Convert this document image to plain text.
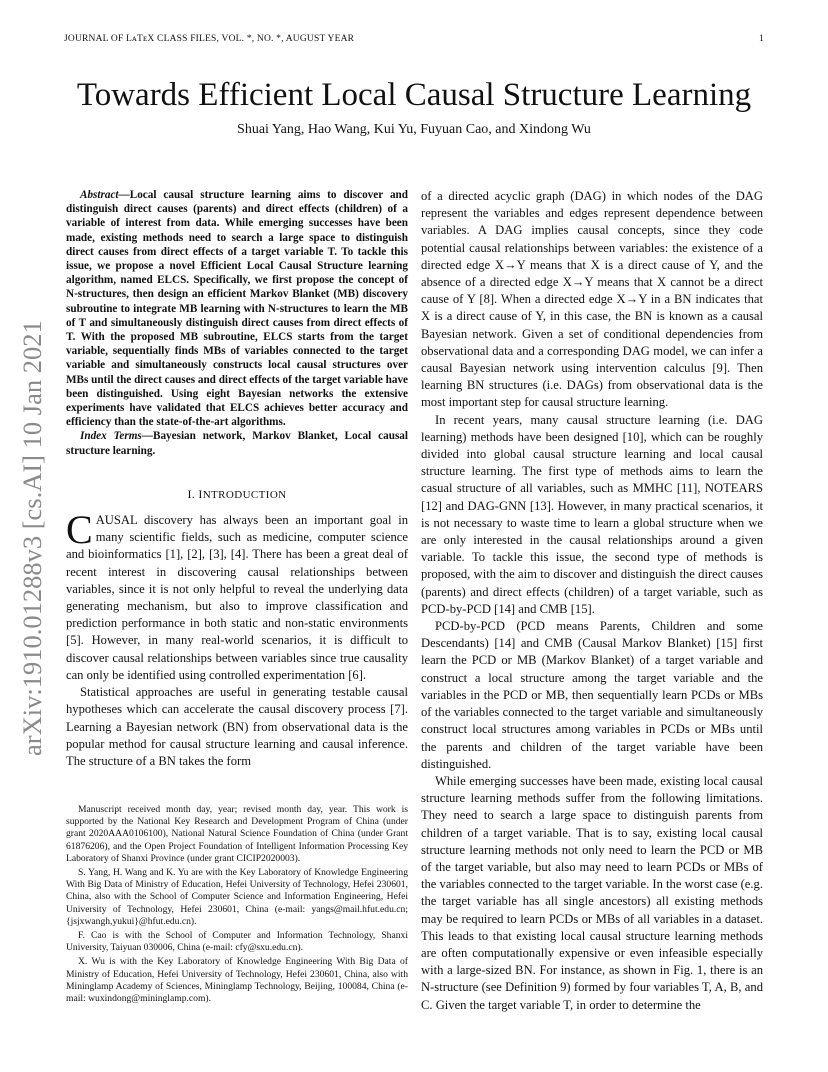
JOURNAL OF LᴀTᴇX CLASS FILES, VOL. *, NO. *, AUGUST YEAR	1
arXiv:1910.01288v3 [cs.AI] 10 Jan 2021
Towards Efficient Local Causal Structure Learning
Shuai Yang, Hao Wang, Kui Yu, Fuyuan Cao, and Xindong Wu

Abstract—Local causal structure learning aims to discover and distinguish direct causes (parents) and direct effects (children) of a variable of interest from data. While emerging successes have been made, existing methods need to search a large space to distinguish direct causes from direct effects of a target variable T. To tackle this issue, we propose a novel Efficient Local Causal Structure learning algorithm, named ELCS. Specifically, we first propose the concept of N-structures, then design an efficient Markov Blanket (MB) discovery subroutine to integrate MB learning with N-structures to learn the MB of T and simultaneously distinguish direct causes from direct effects of T. With the proposed MB subroutine, ELCS starts from the target variable, sequentially finds MBs of variables connected to the target variable and simultaneously constructs local causal structures over MBs until the direct causes and direct effects of the target variable have been distinguished. Using eight Bayesian networks the extensive experiments have validated that ELCS achieves better accuracy and efficiency than the state-of-the-art algorithms.

Index Terms—Bayesian network, Markov Blanket, Local causal structure learning.

I. INTRODUCTION

CAUSAL discovery has always been an important goal in many scientific fields, such as medicine, computer science and bioinformatics [1], [2], [3], [4]. There has been a great deal of recent interest in discovering causal relationships between variables, since it is not only helpful to reveal the underlying data generating mechanism, but also to improve classification and prediction performance in both static and non-static environments [5]. However, in many real-world scenarios, it is difficult to discover causal relationships between variables since true causality can only be identified using controlled experimentation [6].

Statistical approaches are useful in generating testable causal hypotheses which can accelerate the causal discovery process [7]. Learning a Bayesian network (BN) from observational data is the popular method for causal structure learning and causal inference. The structure of a BN takes the form

Manuscript received month day, year; revised month day, year. This work is supported by the National Key Research and Development Program of China (under grant 2020AAA0106100), National Natural Science Foundation of China (under Grant 61876206), and the Open Project Foundation of Intelligent Information Processing Key Laboratory of Shanxi Province (under grant CICIP2020003).

S. Yang, H. Wang and K. Yu are with the Key Laboratory of Knowledge Engineering With Big Data of Ministry of Education, Hefei University of Technology, Hefei 230601, China, also with the School of Computer Science and Information Engineering, Hefei University of Technology, Hefei 230601, China (e-mail: yangs@mail.hfut.edu.cn; {jsjxwangh,yukui}@hfut.edu.cn).

F. Cao is with the School of Computer and Information Technology, Shanxi University, Taiyuan 030006, China (e-mail: cfy@sxu.edu.cn).

X. Wu is with the Key Laboratory of Knowledge Engineering With Big Data of Ministry of Education, Hefei University of Technology, Hefei 230601, China, also with Mininglamp Academy of Sciences, Mininglamp Technology, Beijing, 100084, China (e-mail: wuxindong@mininglamp.com).

of a directed acyclic graph (DAG) in which nodes of the DAG represent the variables and edges represent dependence between variables. A DAG implies causal concepts, since they code potential causal relationships between variables: the existence of a directed edge X→Y means that X is a direct cause of Y, and the absence of a directed edge X→Y means that X cannot be a direct cause of Y [8]. When a directed edge X→Y in a BN indicates that X is a direct cause of Y, in this case, the BN is known as a causal Bayesian network. Given a set of conditional dependencies from observational data and a corresponding DAG model, we can infer a causal Bayesian network using intervention calculus [9]. Then learning BN structures (i.e. DAGs) from observational data is the most important step for causal structure learning.

In recent years, many causal structure learning (i.e. DAG learning) methods have been designed [10], which can be roughly divided into global causal structure learning and local causal structure learning. The first type of methods aims to learn the casual structure of all variables, such as MMHC [11], NOTEARS [12] and DAG-GNN [13]. However, in many practical scenarios, it is not necessary to waste time to learn a global structure when we are only interested in the causal relationships around a given variable. To tackle this issue, the second type of methods is proposed, with the aim to discover and distinguish the direct causes (parents) and direct effects (children) of a target variable, such as PCD-by-PCD [14] and CMB [15].

PCD-by-PCD (PCD means Parents, Children and some Descendants) [14] and CMB (Causal Markov Blanket) [15] first learn the PCD or MB (Markov Blanket) of a target variable and construct a local structure among the target variable and the variables in the PCD or MB, then sequentially learn PCDs or MBs of the variables connected to the target variable and simultaneously construct local structures among variables in PCDs or MBs until the parents and children of the target variable have been distinguished.

While emerging successes have been made, existing local causal structure learning methods suffer from the following limitations. They need to search a large space to distinguish parents from children of a target variable. That is to say, existing local causal structure learning methods not only need to learn the PCD or MB of the target variable, but also may need to learn PCDs or MBs of the variables connected to the target variable. In the worst case (e.g. the target variable has all single ancestors) all existing methods may be required to learn PCDs or MBs of all variables in a dataset. This leads to that existing local causal structure learning methods are often computationally expensive or even infeasible especially with a large-sized BN. For instance, as shown in Fig. 1, there is an N-structure (see Definition 9) formed by four variables T, A, B, and C. Given the target variable T, in order to determine the
